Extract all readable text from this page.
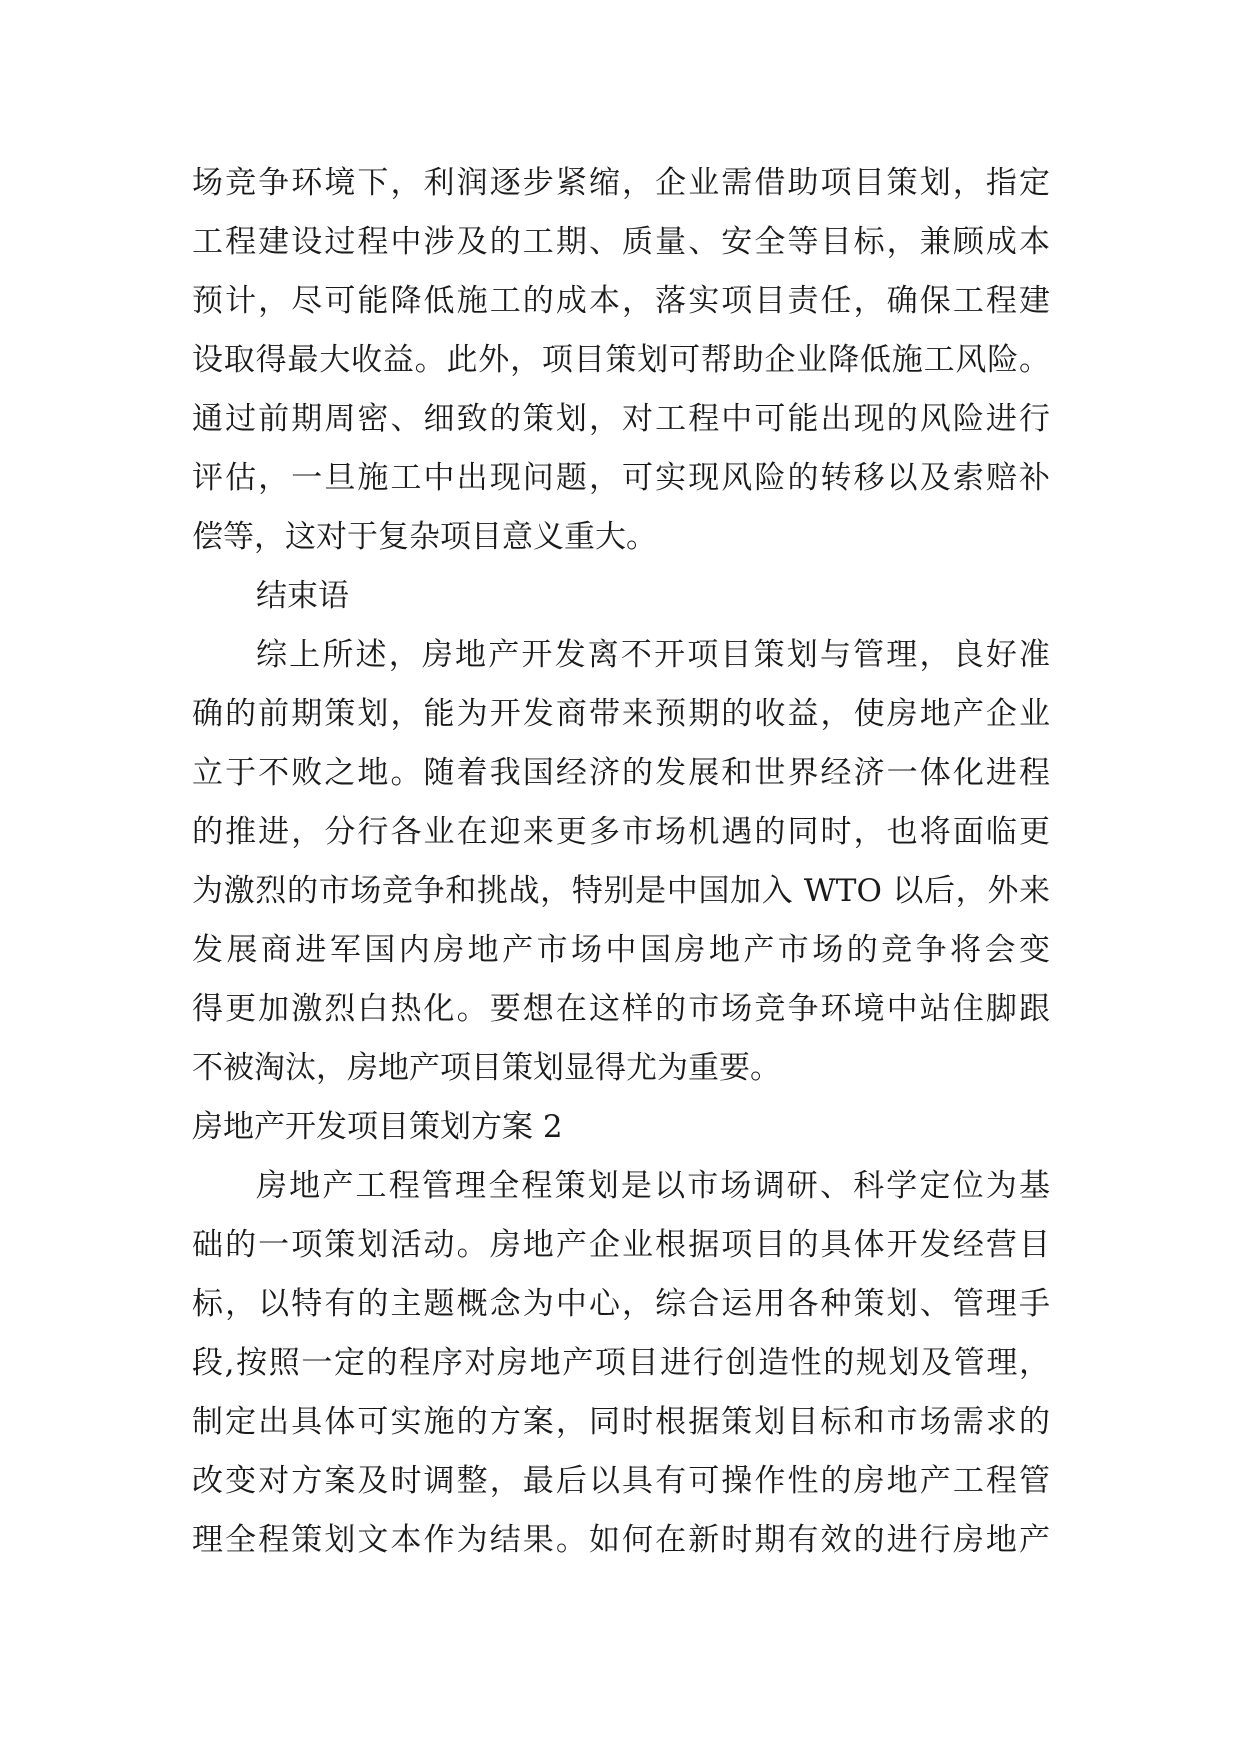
场竞争环境下，利润逐步紧缩，企业需借助项目策划，指定
工程建设过程中涉及的工期、质量、安全等目标，兼顾成本
预计，尽可能降低施工的成本，落实项目责任，确保工程建
设取得最大收益。此外，项目策划可帮助企业降低施工风险。
通过前期周密、细致的策划，对工程中可能出现的风险进行
评估，一旦施工中出现问题，可实现风险的转移以及索赔补
偿等，这对于复杂项目意义重大。
结束语
综上所述，房地产开发离不开项目策划与管理，良好准
确的前期策划，能为开发商带来预期的收益，使房地产企业
立于不败之地。随着我国经济的发展和世界经济一体化进程
的推进，分行各业在迎来更多市场机遇的同时，也将面临更
为激烈的市场竞争和挑战，特别是中国加入 WTO 以后，外来
发展商进军国内房地产市场中国房地产市场的竞争将会变
得更加激烈白热化。要想在这样的市场竞争环境中站住脚跟
不被淘汰，房地产项目策划显得尤为重要。
房地产开发项目策划方案 2
房地产工程管理全程策划是以市场调研、科学定位为基
础的一项策划活动。房地产企业根据项目的具体开发经营目
标，以特有的主题概念为中心，综合运用各种策划、管理手
段,按照一定的程序对房地产项目进行创造性的规划及管理，
制定出具体可实施的方案，同时根据策划目标和市场需求的
改变对方案及时调整，最后以具有可操作性的房地产工程管
理全程策划文本作为结果。如何在新时期有效的进行房地产
